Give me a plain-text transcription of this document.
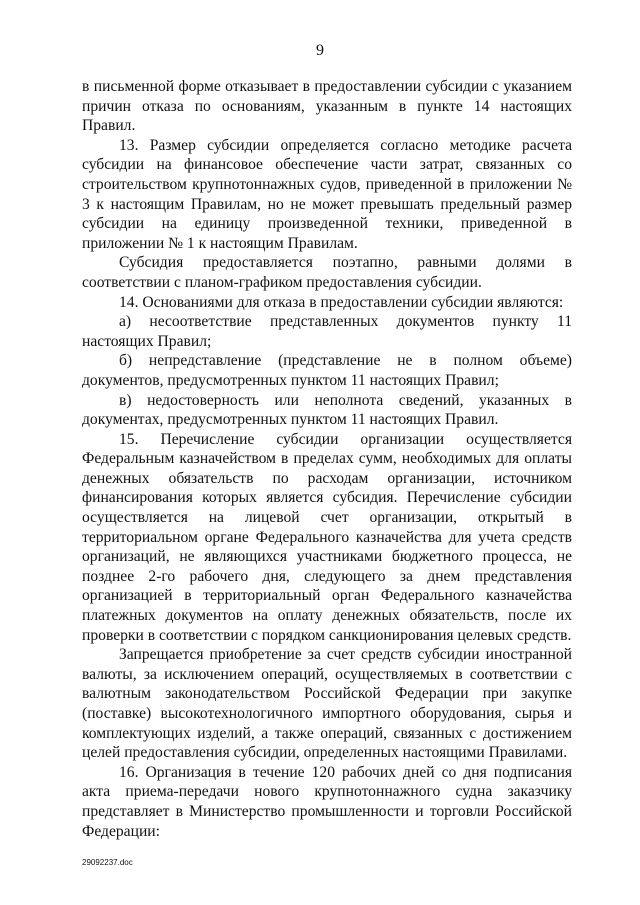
9

в письменной форме отказывает в предоставлении субсидии с указанием причин отказа по основаниям, указанным в пункте 14 настоящих Правил.

13. Размер субсидии определяется согласно методике расчета субсидии на финансовое обеспечение части затрат, связанных со строительством крупнотоннажных судов, приведенной в приложении № 3 к настоящим Правилам, но не может превышать предельный размер субсидии на единицу произведенной техники, приведенной в приложении № 1 к настоящим Правилам.

Субсидия предоставляется поэтапно, равными долями в соответствии с планом-графиком предоставления субсидии.

14. Основаниями для отказа в предоставлении субсидии являются:

а) несоответствие представленных документов пункту 11 настоящих Правил;

б) непредставление (представление не в полном объеме) документов, предусмотренных пунктом 11 настоящих Правил;

в) недостоверность или неполнота сведений, указанных в документах, предусмотренных пунктом 11 настоящих Правил.

15. Перечисление субсидии организации осуществляется Федеральным казначейством в пределах сумм, необходимых для оплаты денежных обязательств по расходам организации, источником финансирования которых является субсидия. Перечисление субсидии осуществляется на лицевой счет организации, открытый в территориальном органе Федерального казначейства для учета средств организаций, не являющихся участниками бюджетного процесса, не позднее 2-го рабочего дня, следующего за днем представления организацией в территориальный орган Федерального казначейства платежных документов на оплату денежных обязательств, после их проверки в соответствии с порядком санкционирования целевых средств.

Запрещается приобретение за счет средств субсидии иностранной валюты, за исключением операций, осуществляемых в соответствии с валютным законодательством Российской Федерации при закупке (поставке) высокотехнологичного импортного оборудования, сырья и комплектующих изделий, а также операций, связанных с достижением целей предоставления субсидии, определенных настоящими Правилами.

16. Организация в течение 120 рабочих дней со дня подписания акта приема-передачи нового крупнотоннажного судна заказчику представляет в Министерство промышленности и торговли Российской Федерации:

29092237.doc
